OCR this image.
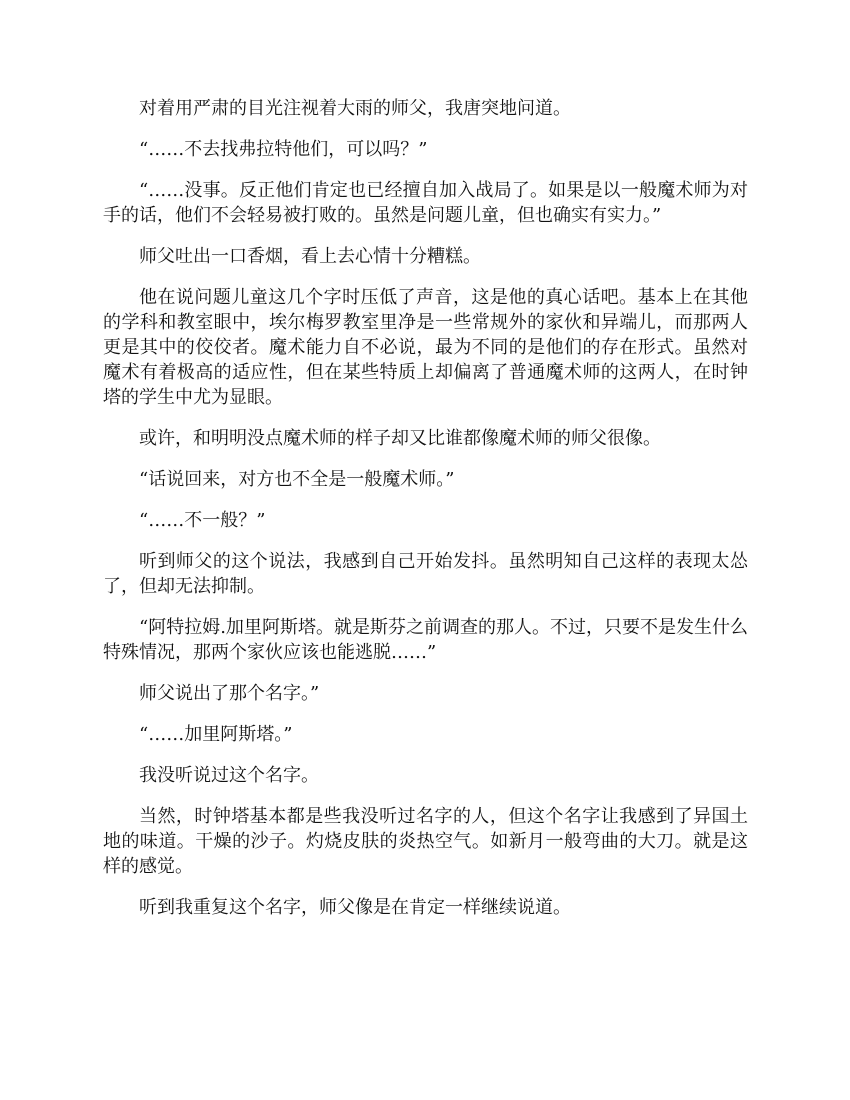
对着用严肃的目光注视着大雨的师父，我唐突地问道。

“……不去找弗拉特他们，可以吗？”

“……没事。反正他们肯定也已经擅自加入战局了。如果是以一般魔术师为对手的话，他们不会轻易被打败的。虽然是问题儿童，但也确实有实力。”

师父吐出一口香烟，看上去心情十分糟糕。

他在说问题儿童这几个字时压低了声音，这是他的真心话吧。基本上在其他的学科和教室眼中，埃尔梅罗教室里净是一些常规外的家伙和异端儿，而那两人更是其中的佼佼者。魔术能力自不必说，最为不同的是他们的存在形式。虽然对魔术有着极高的适应性，但在某些特质上却偏离了普通魔术师的这两人，在时钟塔的学生中尤为显眼。

或许，和明明没点魔术师的样子却又比谁都像魔术师的师父很像。

“话说回来，对方也不全是一般魔术师。”

“……不一般？”

听到师父的这个说法，我感到自己开始发抖。虽然明知自己这样的表现太怂了，但却无法抑制。

“阿特拉姆.加里阿斯塔。就是斯芬之前调查的那人。不过，只要不是发生什么特殊情况，那两个家伙应该也能逃脱……”

师父说出了那个名字。”

“……加里阿斯塔。”

我没听说过这个名字。

当然，时钟塔基本都是些我没听过名字的人，但这个名字让我感到了异国土地的味道。干燥的沙子。灼烧皮肤的炎热空气。如新月一般弯曲的大刀。就是这样的感觉。

听到我重复这个名字，师父像是在肯定一样继续说道。
